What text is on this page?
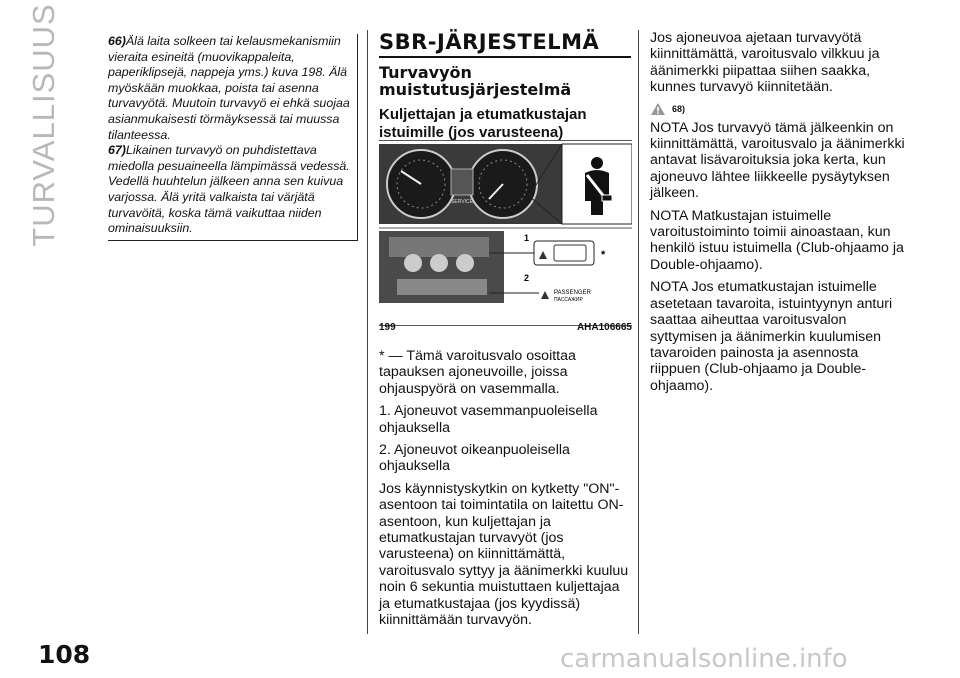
TURVALLISUUS	66)Älä laita solkeen tai kelausmekanismiin vieraita esineitä (muovikappaleita, paperiklipsejä, nappeja yms.) kuva 198. Älä myöskään muokkaa, poista tai asenna turvavyötä. Muutoin turvavyö ei ehkä suojaa asianmukaisesti törmäyksessä tai muussa tilanteessa.

67)Likainen turvavyö on puhdistettava miedolla pesuaineella lämpimässä vedessä. Vedellä huuhtelun jälkeen anna sen kuivua varjossa. Älä yritä valkaista tai värjätä turvavöitä, koska tämä vaikuttaa niiden ominaisuuksiin.

SBR-JÄRJESTELMÄ
Turvavyön muistutusjärjestelmä
Kuljettajan ja etumatkustajan istuimille (jos varusteena)
SERVICE
1
2
*
PASSENGER
ПАССАЖИР
199	AHA106665

* — Tämä varoitusvalo osoittaa tapauksen ajoneuvoille, joissa ohjauspyörä on vasemmalla.

1. Ajoneuvot vasemmanpuoleisella ohjauksella

2. Ajoneuvot oikeanpuoleisella ohjauksella

Jos käynnistyskytkin on kytketty "ON"-asentoon tai toimintatila on laitettu ON-asentoon, kun kuljettajan ja etumatkustajan turvavyöt (jos varusteena) on kiinnittämättä, varoitusvalo syttyy ja äänimerkki kuuluu noin 6 sekuntia muistuttaen kuljettajaa ja etumatkustajaa (jos kyydissä) kiinnittämään turvavyön.

Jos ajoneuvoa ajetaan turvavyötä kiinnittämättä, varoitusvalo vilkkuu ja äänimerkki piipattaa siihen saakka, kunnes turvavyö kiinnitetään.

68)

NOTA Jos turvavyö tämä jälkeenkin on kiinnittämättä, varoitusvalo ja äänimerkki antavat lisävaroituksia joka kerta, kun ajoneuvo lähtee liikkeelle pysäytyksen jälkeen.

NOTA Matkustajan istuimelle varoitustoiminto toimii ainoastaan, kun henkilö istuu istuimella (Club-ohjaamo ja Double-ohjaamo).

NOTA Jos etumatkustajan istuimelle asetetaan tavaroita, istuintyynyn anturi saattaa aiheuttaa varoitusvalon syttymisen ja äänimerkin kuulumisen tavaroiden painosta ja asennosta riippuen (Club-ohjaamo ja Double-ohjaamo).

108	carmanualsonline.info
